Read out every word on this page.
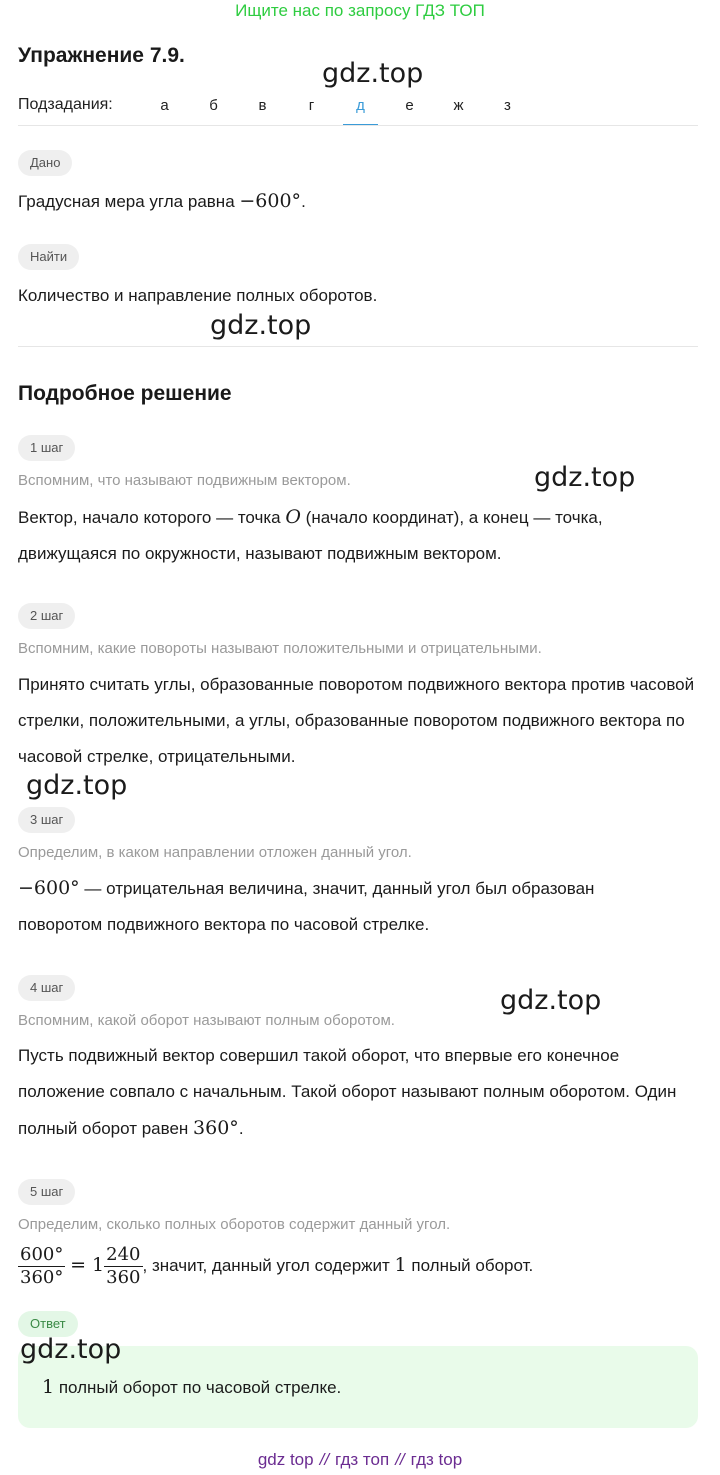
Ищите нас по запросу ГДЗ ТОП
Упражнение 7.9.
gdz.top
Подзадания:	а	б	в	г	д	е	ж	з
Дано
Градусная мера угла равна −600°.
Найти
Количество и направление полных оборотов.
gdz.top
Подробное решение
1 шаг
Вспомним, что называют подвижным вектором.	gdz.top
Вектор, начало которого — точка O (начало координат), а конец — точка, движущаяся по окружности, называют подвижным вектором.
2 шаг
Вспомним, какие повороты называют положительными и отрицательными.
Принято считать углы, образованные поворотом подвижного вектора против часовой стрелки, положительными, а углы, образованные поворотом подвижного вектора по часовой стрелке, отрицательными.
gdz.top
3 шаг
Определим, в каком направлении отложен данный угол.
−600° — отрицательная величина, значит, данный угол был образован поворотом подвижного вектора по часовой стрелке.
4 шаг
Вспомним, какой оборот называют полным оборотом.
gdz.top
Пусть подвижный вектор совершил такой оборот, что впервые его конечное положение совпало с начальным. Такой оборот называют полным оборотом. Один полный оборот равен 360°.
5 шаг
Определим, сколько полных оборотов содержит данный угол.
$\frac{600^\circ}{360^\circ} = 1 \frac{240}{360}$ , значит, данный угол содержит 1 полный оборот.
Ответ
gdz.top
1 полный оборот по часовой стрелке.
gdz top // гдз топ // гдз top
